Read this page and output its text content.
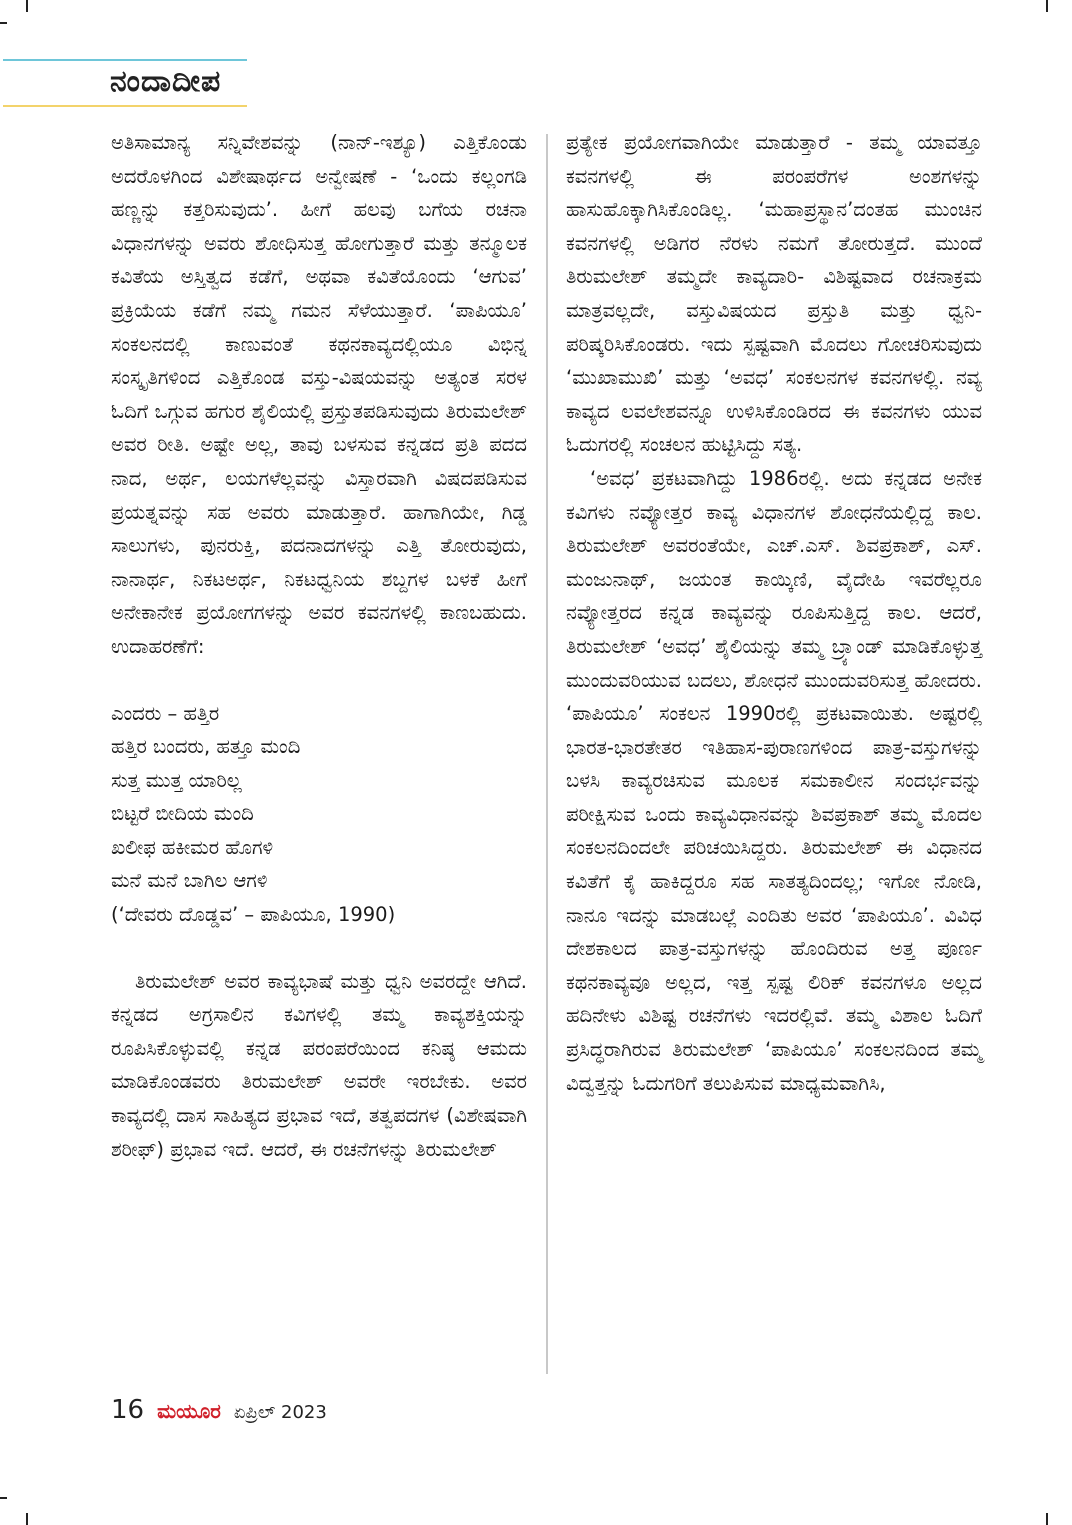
ನಂದಾದೀಪ

ಅತಿಸಾಮಾನ್ಯ ಸನ್ನಿವೇಶವನ್ನು (ನಾನ್-ಇಶ್ಯೂ) ಎತ್ತಿಕೊಂಡು ಅದರೊಳಗಿಂದ ವಿಶೇಷಾರ್ಥದ ಅನ್ವೇಷಣೆ - ‘ಒಂದು ಕಲ್ಲಂಗಡಿ ಹಣ್ಣನ್ನು ಕತ್ತರಿಸುವುದು’. ಹೀಗೆ ಹಲವು ಬಗೆಯ ರಚನಾ ವಿಧಾನಗಳನ್ನು ಅವರು ಶೋಧಿಸುತ್ತ ಹೋಗುತ್ತಾರೆ ಮತ್ತು ತನ್ಮೂಲಕ ಕವಿತೆಯ ಅಸ್ತಿತ್ವದ ಕಡೆಗೆ, ಅಥವಾ ಕವಿತೆಯೊಂದು ‘ಆಗುವ’ ಪ್ರಕ್ರಿಯೆಯ ಕಡೆಗೆ ನಮ್ಮ ಗಮನ ಸೆಳೆಯುತ್ತಾರೆ. ‘ಪಾಪಿಯೂ’ ಸಂಕಲನದಲ್ಲಿ ಕಾಣುವಂತೆ ಕಥನಕಾವ್ಯದಲ್ಲಿಯೂ ವಿಭಿನ್ನ ಸಂಸ್ಕೃತಿಗಳಿಂದ ಎತ್ತಿಕೊಂಡ ವಸ್ತು-ವಿಷಯವನ್ನು ಅತ್ಯಂತ ಸರಳ ಓದಿಗೆ ಒಗ್ಗುವ ಹಗುರ ಶೈಲಿಯಲ್ಲಿ ಪ್ರಸ್ತುತಪಡಿಸುವುದು ತಿರುಮಲೇಶ್ ಅವರ ರೀತಿ. ಅಷ್ಟೇ ಅಲ್ಲ, ತಾವು ಬಳಸುವ ಕನ್ನಡದ ಪ್ರತಿ ಪದದ ನಾದ, ಅರ್ಥ, ಲಯಗಳೆಲ್ಲವನ್ನು ವಿಸ್ತಾರವಾಗಿ ವಿಷದಪಡಿಸುವ ಪ್ರಯತ್ನವನ್ನು ಸಹ ಅವರು ಮಾಡುತ್ತಾರೆ. ಹಾಗಾಗಿಯೇ, ಗಿಡ್ಡ ಸಾಲುಗಳು, ಪುನರುಕ್ತಿ, ಪದನಾದಗಳನ್ನು ಎತ್ತಿ ತೋರುವುದು, ನಾನಾರ್ಥ, ನಿಕಟಅರ್ಥ, ನಿಕಟಧ್ವನಿಯ ಶಬ್ದಗಳ ಬಳಕೆ ಹೀಗೆ ಅನೇಕಾನೇಕ ಪ್ರಯೋಗಗಳನ್ನು ಅವರ ಕವನಗಳಲ್ಲಿ ಕಾಣಬಹುದು. ಉದಾಹರಣೆಗೆ:

ಎಂದರು – ಹತ್ತಿರ
ಹತ್ತಿರ ಬಂದರು, ಹತ್ತೂ ಮಂದಿ
ಸುತ್ತ ಮುತ್ತ ಯಾರಿಲ್ಲ
ಬಿಟ್ಟರೆ ಬೀದಿಯ ಮಂದಿ
ಖಲೀಫ ಹಕೀಮರ ಹೊಗಳಿ
ಮನೆ ಮನೆ ಬಾಗಿಲ ಆಗಳಿ
(‘ದೇವರು ದೊಡ್ಡವ’ – ಪಾಪಿಯೂ, 1990)

ತಿರುಮಲೇಶ್ ಅವರ ಕಾವ್ಯಭಾಷೆ ಮತ್ತು ಧ್ವನಿ ಅವರದ್ದೇ ಆಗಿದೆ. ಕನ್ನಡದ ಅಗ್ರಸಾಲಿನ ಕವಿಗಳಲ್ಲಿ ತಮ್ಮ ಕಾವ್ಯಶಕ್ತಿಯನ್ನು ರೂಪಿಸಿಕೊಳ್ಳುವಲ್ಲಿ ಕನ್ನಡ ಪರಂಪರೆಯಿಂದ ಕನಿಷ್ಠ ಆಮದು ಮಾಡಿಕೊಂಡವರು ತಿರುಮಲೇಶ್ ಅವರೇ ಇರಬೇಕು. ಅವರ ಕಾವ್ಯದಲ್ಲಿ ದಾಸ ಸಾಹಿತ್ಯದ ಪ್ರಭಾವ ಇದೆ, ತತ್ವಪದಗಳ (ವಿಶೇಷವಾಗಿ ಶರೀಫ್) ಪ್ರಭಾವ ಇದೆ. ಆದರೆ, ಈ ರಚನೆಗಳನ್ನು ತಿರುಮಲೇಶ್

ಪ್ರತ್ಯೇಕ ಪ್ರಯೋಗವಾಗಿಯೇ ಮಾಡುತ್ತಾರೆ - ತಮ್ಮ ಯಾವತ್ತೂ ಕವನಗಳಲ್ಲಿ ಈ ಪರಂಪರೆಗಳ ಅಂಶಗಳನ್ನು ಹಾಸುಹೊಕ್ಕಾಗಿಸಿಕೊಂಡಿಲ್ಲ. ‘ಮಹಾಪ್ರಸ್ಥಾನ’ದಂತಹ ಮುಂಚಿನ ಕವನಗಳಲ್ಲಿ ಅಡಿಗರ ನೆರಳು ನಮಗೆ ತೋರುತ್ತದೆ. ಮುಂದೆ ತಿರುಮಲೇಶ್ ತಮ್ಮದೇ ಕಾವ್ಯದಾರಿ- ವಿಶಿಷ್ಟವಾದ ರಚನಾಕ್ರಮ ಮಾತ್ರವಲ್ಲದೇ, ವಸ್ತುವಿಷಯದ ಪ್ರಸ್ತುತಿ ಮತ್ತು ಧ್ವನಿ- ಪರಿಷ್ಕರಿಸಿಕೊಂಡರು. ಇದು ಸ್ಪಷ್ಟವಾಗಿ ಮೊದಲು ಗೋಚರಿಸುವುದು ‘ಮುಖಾಮುಖಿ’ ಮತ್ತು ‘ಅವಧ’ ಸಂಕಲನಗಳ ಕವನಗಳಲ್ಲಿ. ನವ್ಯ ಕಾವ್ಯದ ಲವಲೇಶವನ್ನೂ ಉಳಿಸಿಕೊಂಡಿರದ ಈ ಕವನಗಳು ಯುವ ಓದುಗರಲ್ಲಿ ಸಂಚಲನ ಹುಟ್ಟಿಸಿದ್ದು ಸತ್ಯ.

‘ಅವಧ’ ಪ್ರಕಟವಾಗಿದ್ದು 1986ರಲ್ಲಿ. ಅದು ಕನ್ನಡದ ಅನೇಕ ಕವಿಗಳು ನವ್ಯೋತ್ತರ ಕಾವ್ಯ ವಿಧಾನಗಳ ಶೋಧನೆಯಲ್ಲಿದ್ದ ಕಾಲ. ತಿರುಮಲೇಶ್ ಅವರಂತೆಯೇ, ಎಚ್.ಎಸ್. ಶಿವಪ್ರಕಾಶ್, ಎಸ್. ಮಂಜುನಾಥ್, ಜಯಂತ ಕಾಯ್ಕಿಣಿ, ವೈದೇಹಿ ಇವರೆಲ್ಲರೂ ನವ್ಯೋತ್ತರದ ಕನ್ನಡ ಕಾವ್ಯವನ್ನು ರೂಪಿಸುತ್ತಿದ್ದ ಕಾಲ. ಆದರೆ, ತಿರುಮಲೇಶ್ ‘ಅವಧ’ ಶೈಲಿಯನ್ನು ತಮ್ಮ ಬ್ರ್ಯಾಂಡ್ ಮಾಡಿಕೊಳ್ಳುತ್ತ ಮುಂದುವರಿಯುವ ಬದಲು, ಶೋಧನೆ ಮುಂದುವರಿಸುತ್ತ ಹೋದರು. ‘ಪಾಪಿಯೂ’ ಸಂಕಲನ 1990ರಲ್ಲಿ ಪ್ರಕಟವಾಯಿತು. ಅಷ್ಟರಲ್ಲಿ ಭಾರತ-ಭಾರತೇತರ ಇತಿಹಾಸ-ಪುರಾಣಗಳಿಂದ ಪಾತ್ರ-ವಸ್ತುಗಳನ್ನು ಬಳಸಿ ಕಾವ್ಯರಚಿಸುವ ಮೂಲಕ ಸಮಕಾಲೀನ ಸಂದರ್ಭವನ್ನು ಪರೀಕ್ಷಿಸುವ ಒಂದು ಕಾವ್ಯವಿಧಾನವನ್ನು ಶಿವಪ್ರಕಾಶ್ ತಮ್ಮ ಮೊದಲ ಸಂಕಲನದಿಂದಲೇ ಪರಿಚಯಿಸಿದ್ದರು. ತಿರುಮಲೇಶ್ ಈ ವಿಧಾನದ ಕವಿತೆಗೆ ಕೈ ಹಾಕಿದ್ದರೂ ಸಹ ಸಾತತ್ಯದಿಂದಲ್ಲ; ಇಗೋ ನೋಡಿ, ನಾನೂ ಇದನ್ನು ಮಾಡಬಲ್ಲೆ ಎಂದಿತು ಅವರ ‘ಪಾಪಿಯೂ’. ವಿವಿಧ ದೇಶಕಾಲದ ಪಾತ್ರ-ವಸ್ತುಗಳನ್ನು ಹೊಂದಿರುವ ಅತ್ತ ಪೂರ್ಣ ಕಥನಕಾವ್ಯವೂ ಅಲ್ಲದ, ಇತ್ತ ಸ್ಪಷ್ಟ ಲಿರಿಕ್ ಕವನಗಳೂ ಅಲ್ಲದ ಹದಿನೇಳು ವಿಶಿಷ್ಟ ರಚನೆಗಳು ಇದರಲ್ಲಿವೆ. ತಮ್ಮ ವಿಶಾಲ ಓದಿಗೆ ಪ್ರಸಿದ್ಧರಾಗಿರುವ ತಿರುಮಲೇಶ್ ‘ಪಾಪಿಯೂ’ ಸಂಕಲನದಿಂದ ತಮ್ಮ ವಿದ್ವತ್ತನ್ನು ಓದುಗರಿಗೆ ತಲುಪಿಸುವ ಮಾಧ್ಯಮವಾಗಿಸಿ,

16 ಮಯೂರ ಏಪ್ರಿಲ್ 2023
